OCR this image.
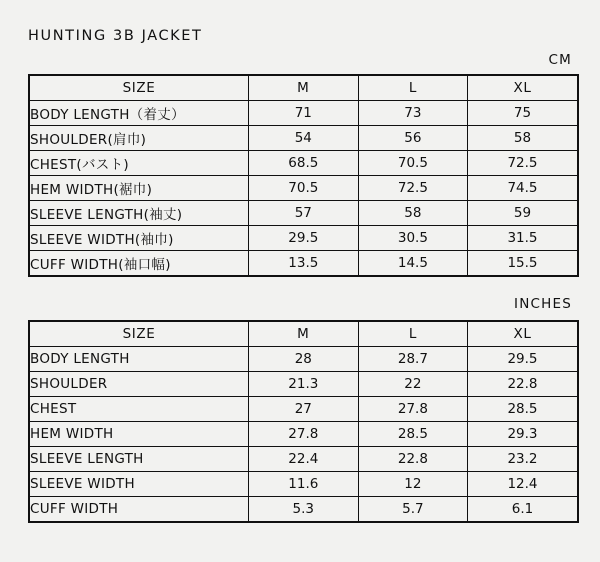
HUNTING 3B JACKET
CM
SIZE	M	L	XL
BODY LENGTH（着丈）	71	73	75
SHOULDER(肩巾)	54	56	58
CHEST(バスト)	68.5	70.5	72.5
HEM WIDTH(裾巾)	70.5	72.5	74.5
SLEEVE LENGTH(袖丈)	57	58	59
SLEEVE WIDTH(袖巾)	29.5	30.5	31.5
CUFF WIDTH(袖口幅)	13.5	14.5	15.5
INCHES
SIZE	M	L	XL
BODY LENGTH	28	28.7	29.5
SHOULDER	21.3	22	22.8
CHEST	27	27.8	28.5
HEM WIDTH	27.8	28.5	29.3
SLEEVE LENGTH	22.4	22.8	23.2
SLEEVE WIDTH	11.6	12	12.4
CUFF WIDTH	5.3	5.7	6.1
